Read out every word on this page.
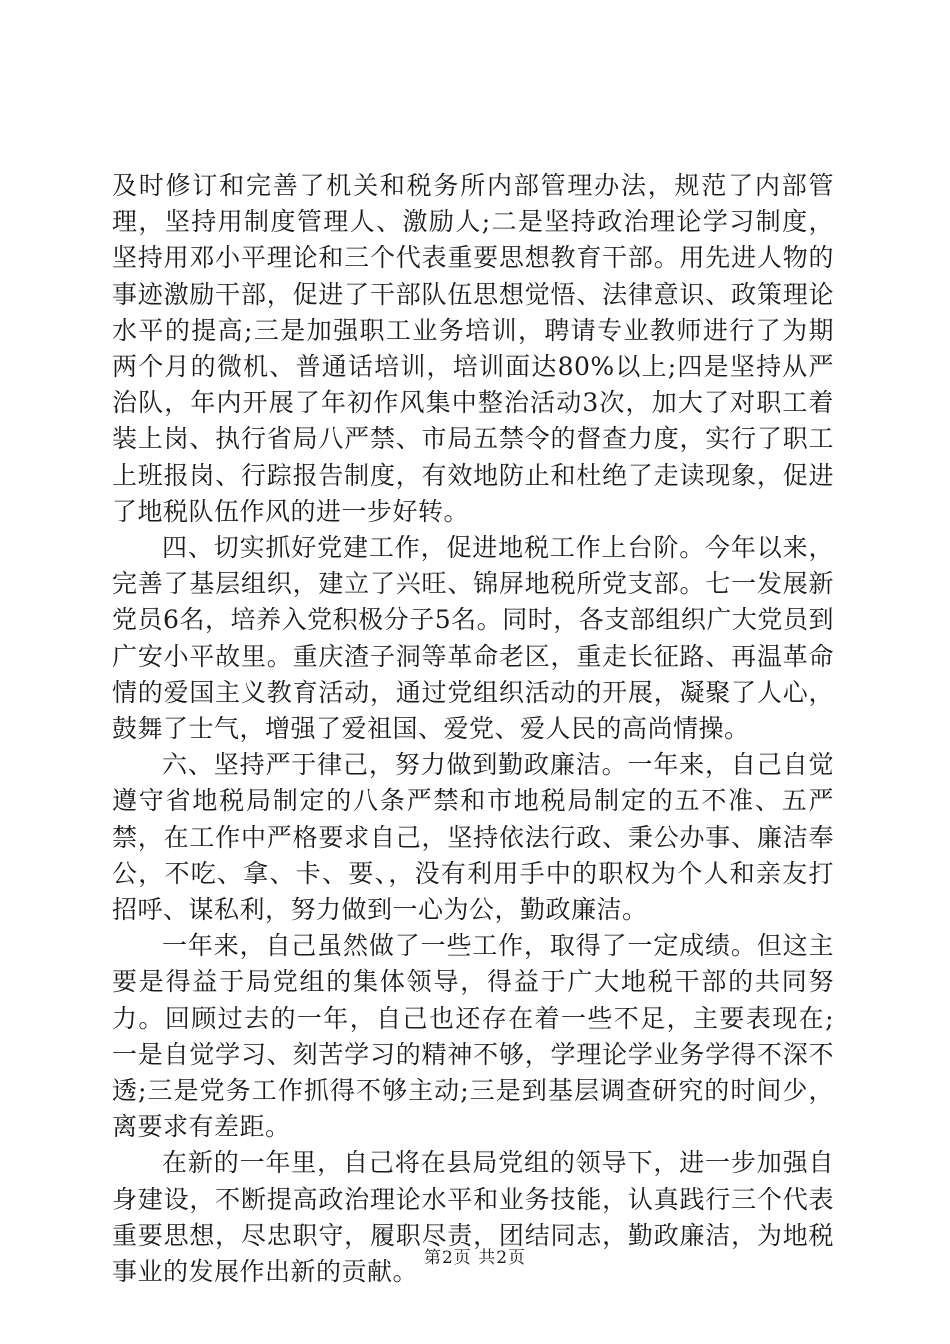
及时修订和完善了机关和税务所内部管理办法，规范了内部管理，坚持用制度管理人、激励人;二是坚持政治理论学习制度，坚持用邓小平理论和三个代表重要思想教育干部。用先进人物的事迹激励干部，促进了干部队伍思想觉悟、法律意识、政策理论水平的提高;三是加强职工业务培训，聘请专业教师进行了为期两个月的微机、普通话培训，培训面达80%以上;四是坚持从严治队，年内开展了年初作风集中整治活动3次，加大了对职工着装上岗、执行省局八严禁、市局五禁令的督查力度，实行了职工上班报岗、行踪报告制度，有效地防止和杜绝了走读现象，促进了地税队伍作风的进一步好转。

四、切实抓好党建工作，促进地税工作上台阶。今年以来，完善了基层组织，建立了兴旺、锦屏地税所党支部。七一发展新党员6名，培养入党积极分子5名。同时，各支部组织广大党员到广安小平故里。重庆渣子洞等革命老区，重走长征路、再温革命情的爱国主义教育活动，通过党组织活动的开展，凝聚了人心，鼓舞了士气，增强了爱祖国、爱党、爱人民的高尚情操。

六、坚持严于律己，努力做到勤政廉洁。一年来，自己自觉遵守省地税局制定的八条严禁和市地税局制定的五不准、五严禁，在工作中严格要求自己，坚持依法行政、秉公办事、廉洁奉公，不吃、拿、卡、要、，没有利用手中的职权为个人和亲友打招呼、谋私利，努力做到一心为公，勤政廉洁。

一年来，自己虽然做了一些工作，取得了一定成绩。但这主要是得益于局党组的集体领导，得益于广大地税干部的共同努力。回顾过去的一年，自己也还存在着一些不足，主要表现在;一是自觉学习、刻苦学习的精神不够，学理论学业务学得不深不透;三是党务工作抓得不够主动;三是到基层调查研究的时间少，离要求有差距。

在新的一年里，自己将在县局党组的领导下，进一步加强自身建设，不断提高政治理论水平和业务技能，认真践行三个代表重要思想，尽忠职守，履职尽责，团结同志，勤政廉洁，为地税事业的发展作出新的贡献。 第2页 共2页
